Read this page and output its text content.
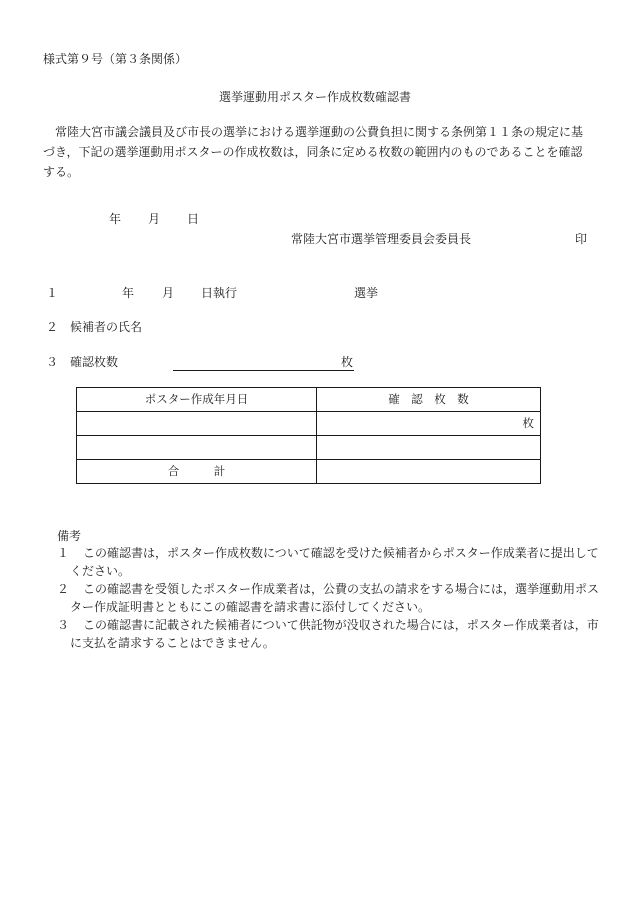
様式第９号（第３条関係）
選挙運動用ポスター作成枚数確認書
常陸大宮市議会議員及び市長の選挙における選挙運動の公費負担に関する条例第１１条の規定に基づき，下記の選挙運動用ポスターの作成枚数は，同条に定める枚数の範囲内のものであることを確認する。
年 月 日
常陸大宮市選挙管理委員会委員長	印
１	年 月 日執行	選挙
２ 候補者の氏名
３ 確認枚数	枚
ポスター作成年月日	確　認　枚　数
	枚

合　　　計	
備考
１ この確認書は，ポスター作成枚数について確認を受けた候補者からポスター作成業者に提出してください。
２ この確認書を受領したポスター作成業者は，公費の支払の請求をする場合には，選挙運動用ポスター作成証明書とともにこの確認書を請求書に添付してください。
３ この確認書に記載された候補者について供託物が没収された場合には，ポスター作成業者は，市に支払を請求することはできません。
